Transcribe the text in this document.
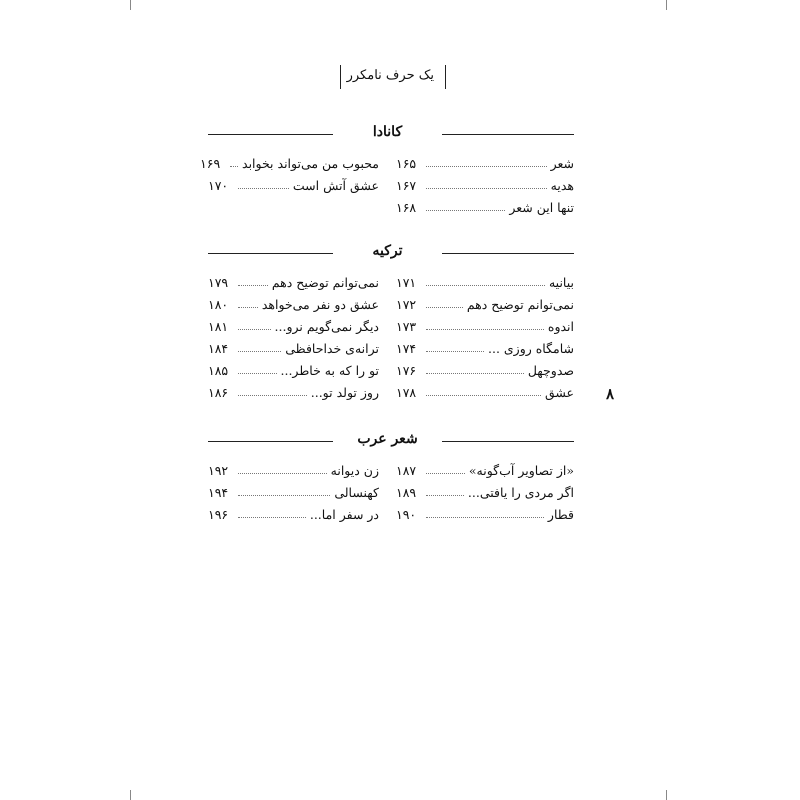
یک حرف نامکرر
۸
کانادا
شعر
۱۶۵
هدیه
۱۶۷
تنها این شعر
۱۶۸
محبوب من می‌تواند بخوابد
۱۶۹
عشق آتش است
۱۷۰
ترکیه
بیانیه
۱۷۱
نمی‌توانم توضیح دهم
۱۷۲
اندوه
۱۷۳
شامگاه روزی ...
۱۷۴
صدوچهل
۱۷۶
عشق
۱۷۸
نمی‌توانم توضیح دهم
۱۷۹
عشق دو نفر می‌خواهد
۱۸۰
دیگر نمی‌گویم نرو...
۱۸۱
ترانه‌ی خداحافظی
۱۸۴
تو را که به خاطر...
۱۸۵
روز تولد تو...
۱۸۶
شعر عرب
«از تصاویر آب‌گونه»
۱۸۷
اگر مردی را یافتی...
۱۸۹
قطار
۱۹۰
زن دیوانه
۱۹۲
کهنسالی
۱۹۴
در سفر اما...
۱۹۶
